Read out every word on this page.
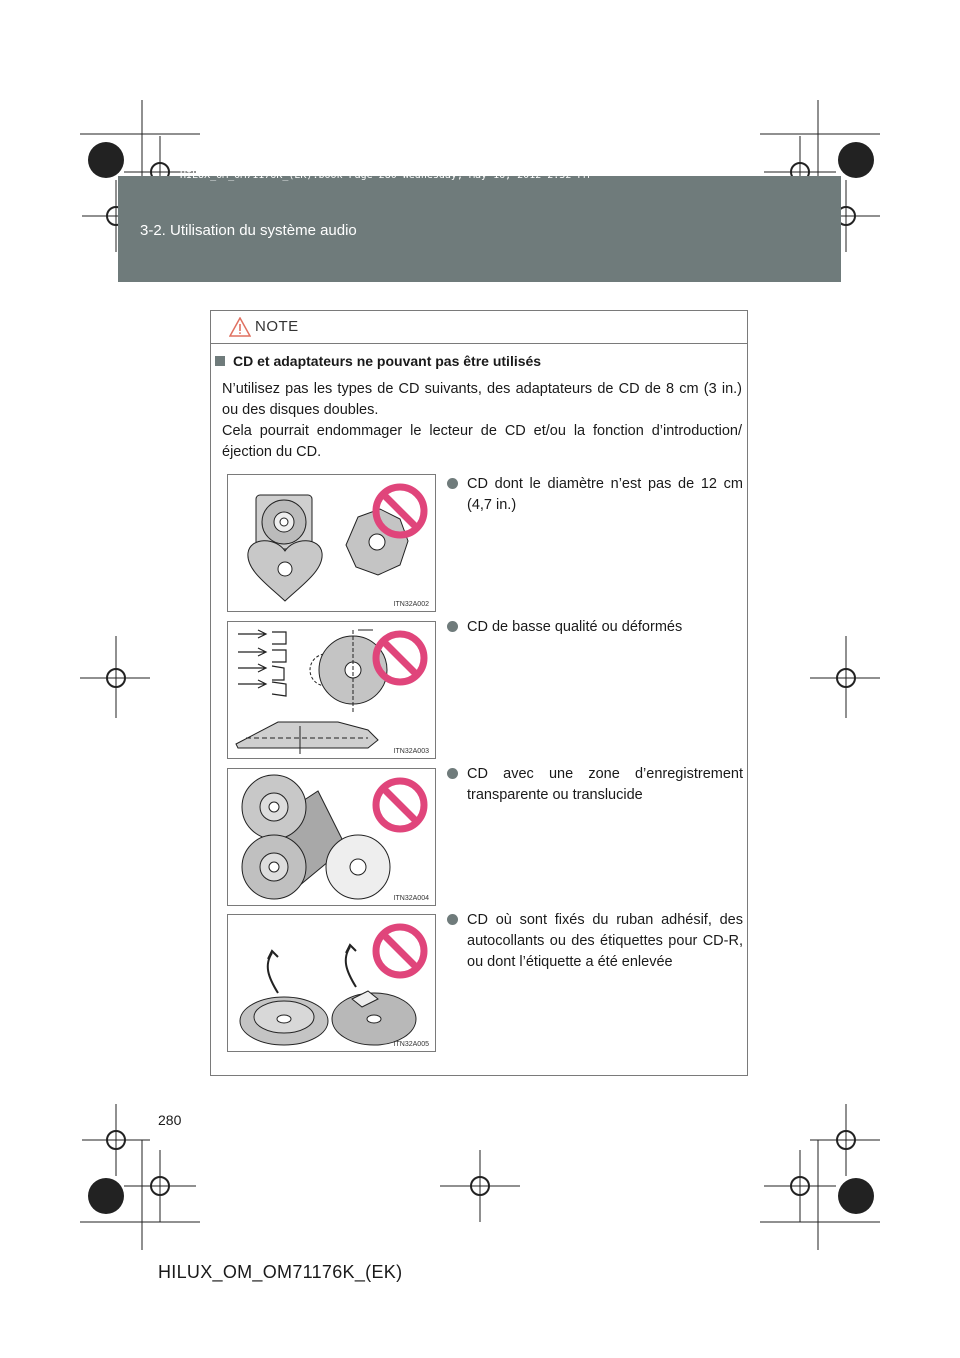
HILUX_OM_OM71176K_(EK).book Page 280 Wednesday, May 16, 2012 2:32 PM
3-2. Utilisation du système audio
NOTE
CD et adaptateurs ne pouvant pas être utilisés

N’utilisez pas les types de CD suivants, des adaptateurs de CD de 8 cm (3 in.) ou des disques doubles.

Cela pourrait endommager le lecteur de CD et/ou la fonction d’introduction/éjection du CD.

ITN32A002
CD dont le diamètre n’est pas de 12 cm (4,7 in.)
ITN32A003
CD de basse qualité ou déformés
ITN32A004
CD avec une zone d’enregistrement transparente ou translucide
ITN32A005
CD où sont fixés du ruban adhésif, des autocollants ou des étiquettes pour CD-R, ou dont l’étiquette a été enlevée
280
HILUX_OM_OM71176K_(EK)
